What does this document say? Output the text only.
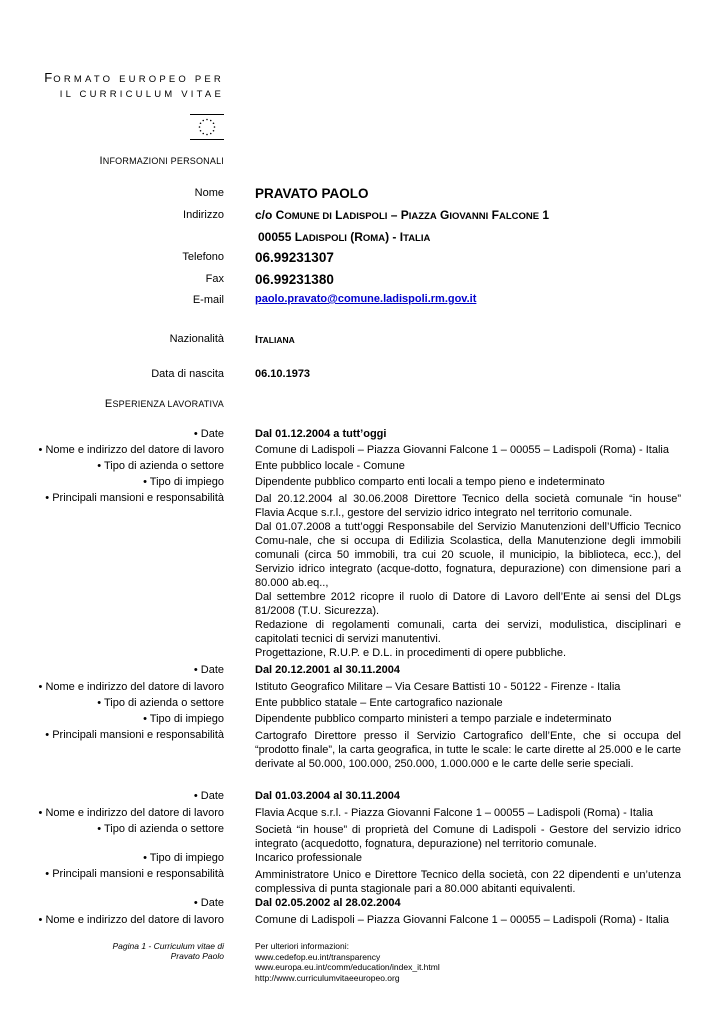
FORMATO EUROPEO PER
IL CURRICULUM VITAE
INFORMAZIONI PERSONALI
Nome PRAVATO PAOLO
Indirizzo	c/o COMUNE DI LADISPOLI – PIAZZA GIOVANNI FALCONE 1
00055 LADISPOLI (ROMA) - ITALIA
Telefono 06.99231307
Fax 06.99231380
E-mail	paolo.pravato@comune.ladispoli.rm.gov.it
Nazionalità	ITALIANA
Data di nascita	06.10.1973
ESPERIENZA LAVORATIVA
• Date	Dal 01.12.2004 a tutt’oggi
• Nome e indirizzo del datore di lavoro	Comune di Ladispoli – Piazza Giovanni Falcone 1 – 00055 – Ladispoli (Roma) - Italia
• Tipo di azienda o settore	Ente pubblico locale - Comune
• Tipo di impiego	Dipendente pubblico comparto enti locali a tempo pieno e indeterminato
• Principali mansioni e responsabilità	Dal 20.12.2004 al 30.06.2008 Direttore Tecnico della società comunale “in house” Flavia Acque s.r.l., gestore del servizio idrico integrato nel territorio comunale.

Dal 01.07.2008 a tutt’oggi Responsabile del Servizio Manutenzioni dell’Ufficio Tecnico Comu-nale, che si occupa di Edilizia Scolastica, della Manutenzione degli immobili comunali (circa 50 immobili, tra cui 20 scuole, il municipio, la biblioteca, ecc.), del Servizio idrico integrato (acque-dotto, fognatura, depurazione) con dimensione pari a 80.000 ab.eq..,

Dal settembre 2012 ricopre il ruolo di Datore di Lavoro dell’Ente ai sensi del DLgs 81/2008 (T.U. Sicurezza).

Redazione di regolamenti comunali, carta dei servizi, modulistica, disciplinari e capitolati tecnici di servizi manutentivi.

Progettazione, R.U.P. e D.L. in procedimenti di opere pubbliche.

• Date	Dal 20.12.2001 al 30.11.2004
• Nome e indirizzo del datore di lavoro	Istituto Geografico Militare – Via Cesare Battisti 10 - 50122 - Firenze - Italia
• Tipo di azienda o settore	Ente pubblico statale – Ente cartografico nazionale
• Tipo di impiego	Dipendente pubblico comparto ministeri a tempo parziale e indeterminato
• Principali mansioni e responsabilità	Cartografo Direttore presso il Servizio Cartografico dell’Ente, che si occupa del “prodotto finale”, la carta geografica, in tutte le scale: le carte dirette al 25.000 e le carte derivate al 50.000, 100.000, 250.000, 1.000.000 e le carte delle serie speciali.

• Date	Dal 01.03.2004 al 30.11.2004
• Nome e indirizzo del datore di lavoro	Flavia Acque s.r.l. - Piazza Giovanni Falcone 1 – 00055 – Ladispoli (Roma) - Italia
• Tipo di azienda o settore	Società “in house” di proprietà del Comune di Ladispoli - Gestore del servizio idrico integrato (acquedotto, fognatura, depurazione) nel territorio comunale.
• Tipo di impiego	Incarico professionale
• Principali mansioni e responsabilità	Amministratore Unico e Direttore Tecnico della società, con 22 dipendenti e un’utenza complessiva di punta stagionale pari a 80.000 abitanti equivalenti.

• Date	Dal 02.05.2002 al 28.02.2004
• Nome e indirizzo del datore di lavoro	Comune di Ladispoli – Piazza Giovanni Falcone 1 – 00055 – Ladispoli (Roma) - Italia
Pagina 1 - Curriculum vitae di
Pravato Paolo
Per ulteriori informazioni:
www.cedefop.eu.int/transparency
www.europa.eu.int/comm/education/index_it.html
http://www.curriculumvitaeeuropeo.org
